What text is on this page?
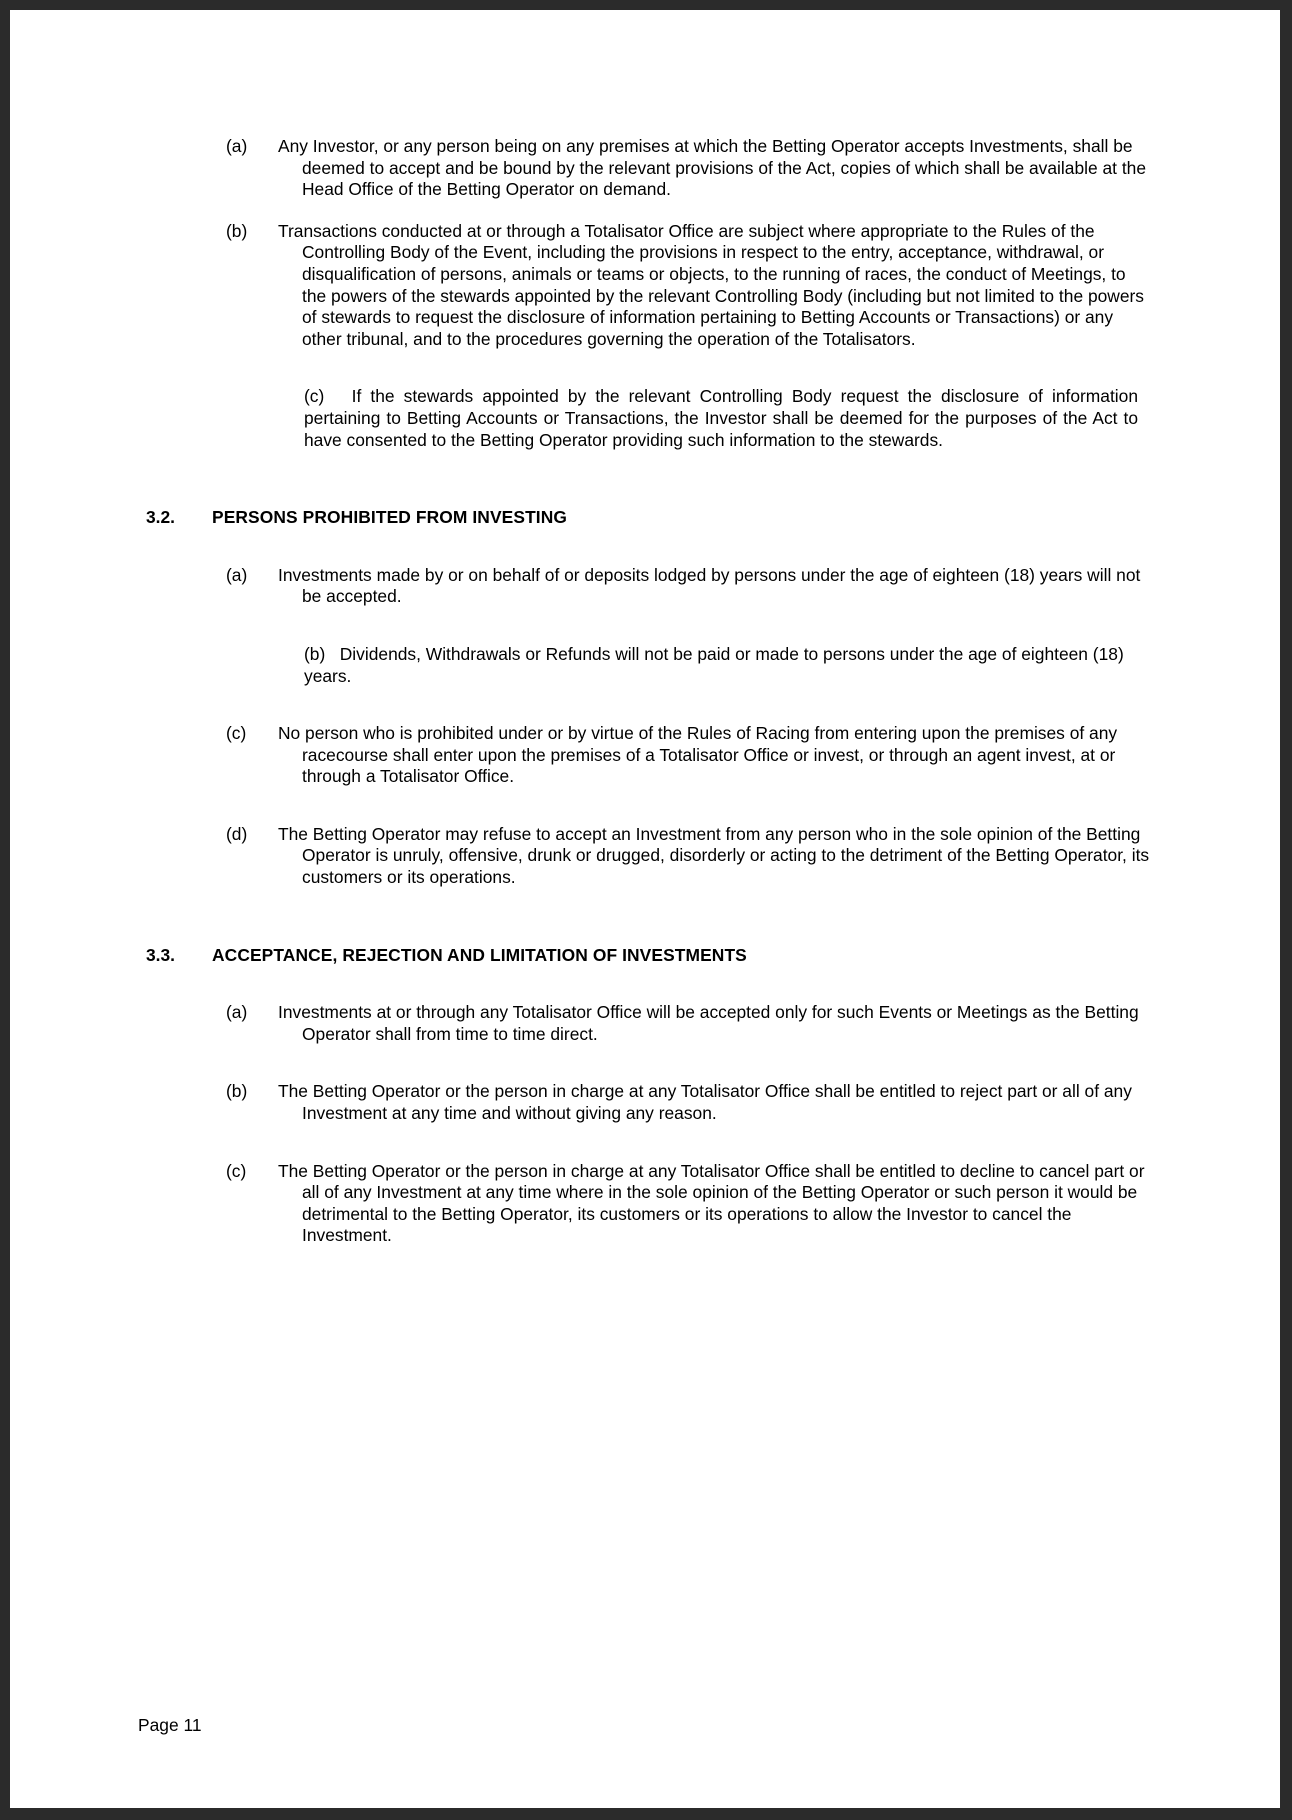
(a)	Any Investor, or any person being on any premises at which the Betting Operator accepts Investments, shall be deemed to accept and be bound by the relevant provisions of the Act, copies of which shall be available at the Head Office of the Betting Operator on demand.
(b)	Transactions conducted at or through a Totalisator Office are subject where appropriate to the Rules of the Controlling Body of the Event, including the provisions in respect to the entry, acceptance, withdrawal, or disqualification of persons, animals or teams or objects, to the running of races, the conduct of Meetings, to the powers of the stewards appointed by the relevant Controlling Body (including but not limited to the powers of stewards to request the disclosure of information pertaining to Betting Accounts or Transactions) or any other tribunal, and to the procedures governing the operation of the Totalisators.
(c)   If the stewards appointed by the relevant Controlling Body request the disclosure of information pertaining to Betting Accounts or Transactions, the Investor shall be deemed for the purposes of the Act to have consented to the Betting Operator providing such information to the stewards.
3.2.	PERSONS PROHIBITED FROM INVESTING
(a)	Investments made by or on behalf of or deposits lodged by persons under the age of eighteen (18) years will not be accepted.
(b)   Dividends, Withdrawals or Refunds will not be paid or made to persons under the age of eighteen (18) years.
(c)	No person who is prohibited under or by virtue of the Rules of Racing from entering upon the premises of any racecourse shall enter upon the premises of a Totalisator Office or invest, or through an agent invest, at or through a Totalisator Office.
(d)	The Betting Operator may refuse to accept an Investment from any person who in the sole opinion of the Betting Operator is unruly, offensive, drunk or drugged, disorderly or acting to the detriment of the Betting Operator, its customers or its operations.
3.3.	ACCEPTANCE, REJECTION AND LIMITATION OF INVESTMENTS
(a)	Investments at or through any Totalisator Office will be accepted only for such Events or Meetings as the Betting Operator shall from time to time direct.
(b)	The Betting Operator or the person in charge at any Totalisator Office shall be entitled to reject part or all of any Investment at any time and without giving any reason.
(c)	The Betting Operator or the person in charge at any Totalisator Office shall be entitled to decline to cancel part or all of any Investment at any time where in the sole opinion of the Betting Operator or such person it would be detrimental to the Betting Operator, its customers or its operations to allow the Investor to cancel the Investment.
Page 11
